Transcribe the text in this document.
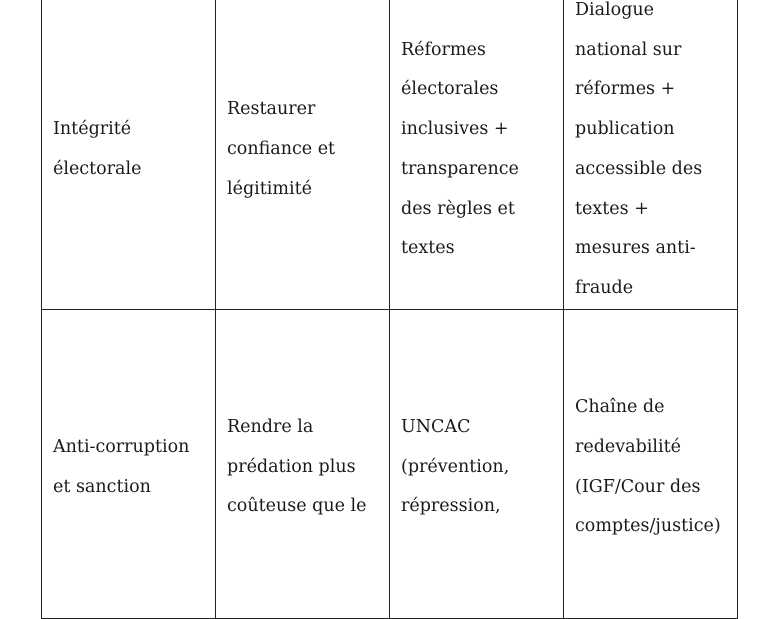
Intégrité électorale	Restaurer confiance et légitimité	Réformes électorales inclusives + transparence des règles et textes	Dialogue national sur réformes + publication accessible des textes + mesures anti-fraude
Anti-corruption et sanction	Rendre la prédation plus coûteuse que le	UNCAC (prévention, répression,	Chaîne de redevabilité (IGF/Cour des comptes/justice)
